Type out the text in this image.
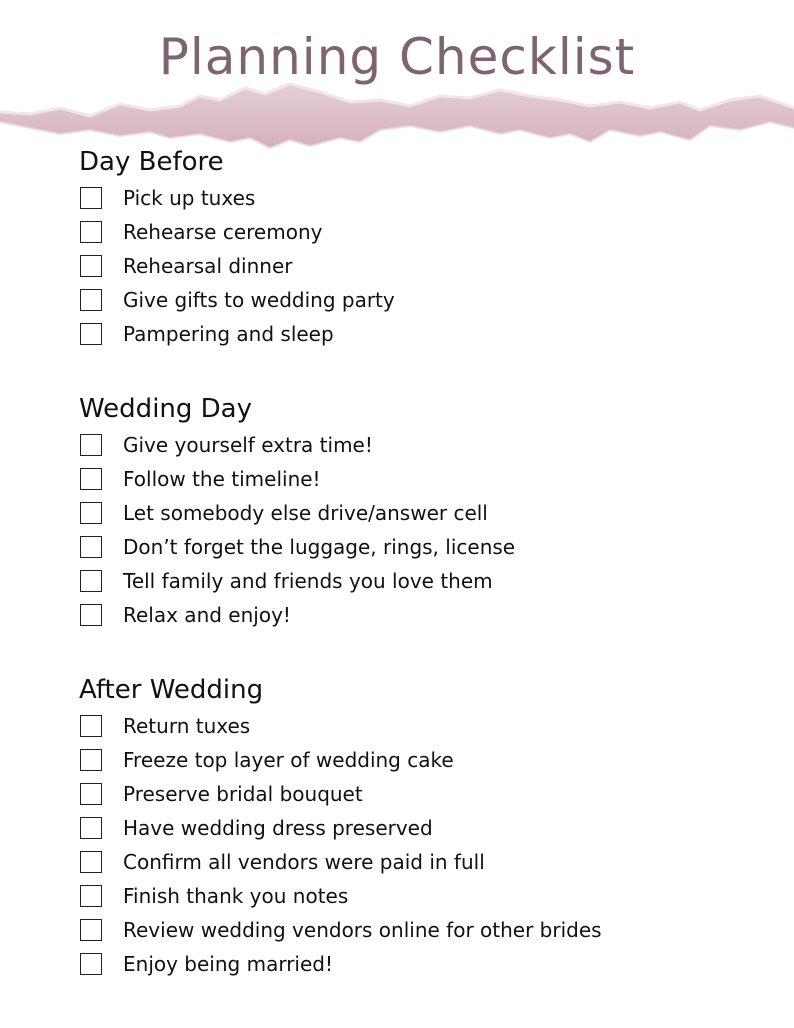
Planning Checklist
Day Before
Pick up tuxes
Rehearse ceremony
Rehearsal dinner
Give gifts to wedding party
Pampering and sleep
Wedding Day
Give yourself extra time!
Follow the timeline!
Let somebody else drive/answer cell
Don’t forget the luggage, rings, license
Tell family and friends you love them
Relax and enjoy!
After Wedding
Return tuxes
Freeze top layer of wedding cake
Preserve bridal bouquet
Have wedding dress preserved
Confirm all vendors were paid in full
Finish thank you notes
Review wedding vendors online for other brides
Enjoy being married!
